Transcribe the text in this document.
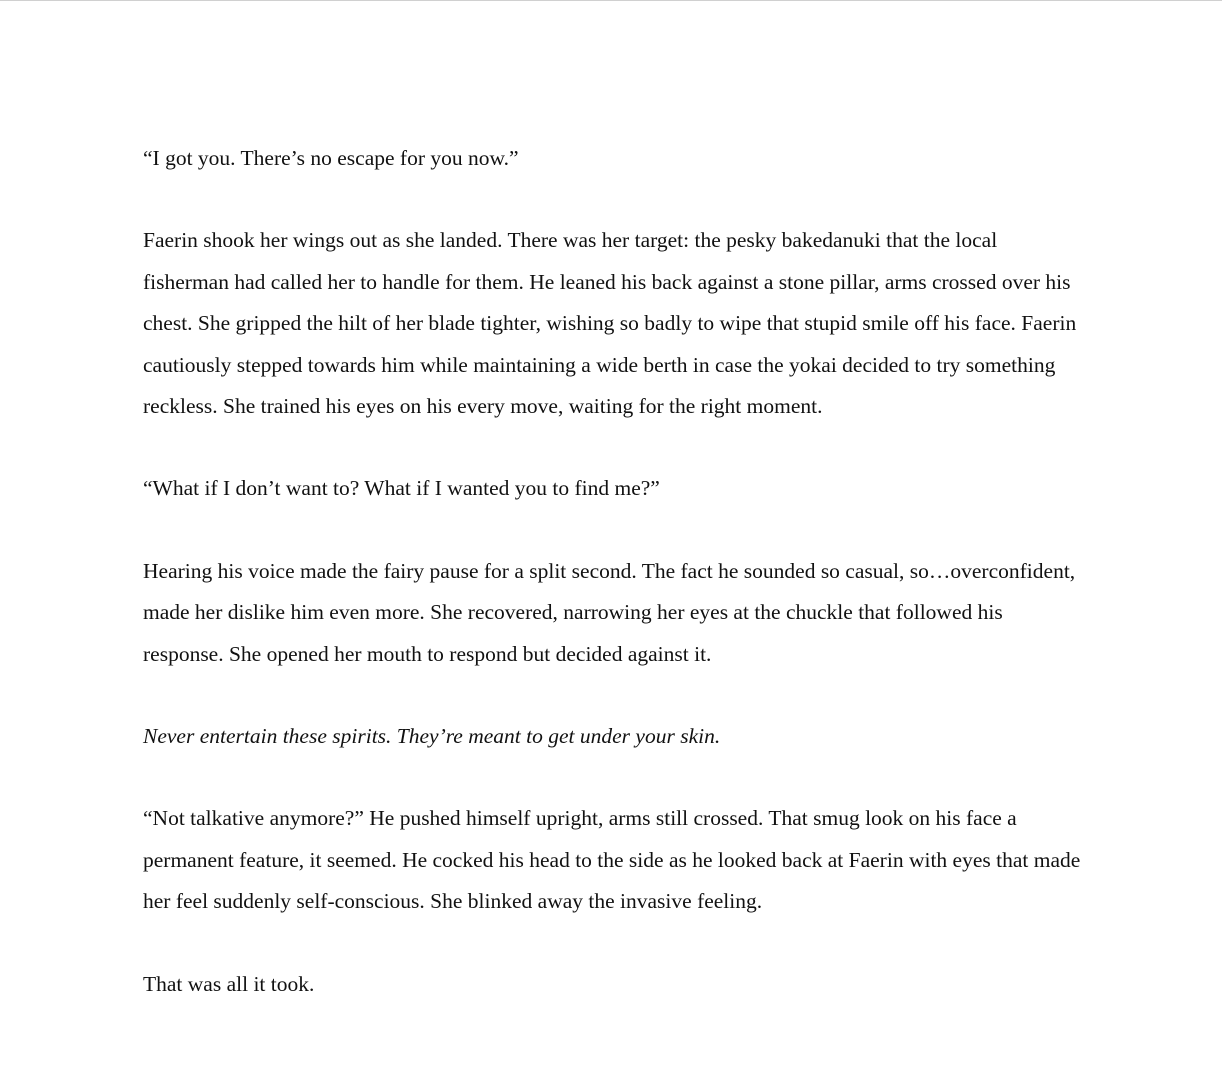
“I got you. There’s no escape for you now.”

Faerin shook her wings out as she landed. There was her target: the pesky bakedanuki that the local fisherman had called her to handle for them. He leaned his back against a stone pillar, arms crossed over his chest. She gripped the hilt of her blade tighter, wishing so badly to wipe that stupid smile off his face. Faerin cautiously stepped towards him while maintaining a wide berth in case the yokai decided to try something reckless. She trained his eyes on his every move, waiting for the right moment.

“What if I don’t want to? What if I wanted you to find me?”

Hearing his voice made the fairy pause for a split second. The fact he sounded so casual, so…overconfident, made her dislike him even more. She recovered, narrowing her eyes at the chuckle that followed his response. She opened her mouth to respond but decided against it.

Never entertain these spirits. They’re meant to get under your skin.

“Not talkative anymore?” He pushed himself upright, arms still crossed. That smug look on his face a permanent feature, it seemed. He cocked his head to the side as he looked back at Faerin with eyes that made her feel suddenly self-conscious. She blinked away the invasive feeling.

That was all it took.
